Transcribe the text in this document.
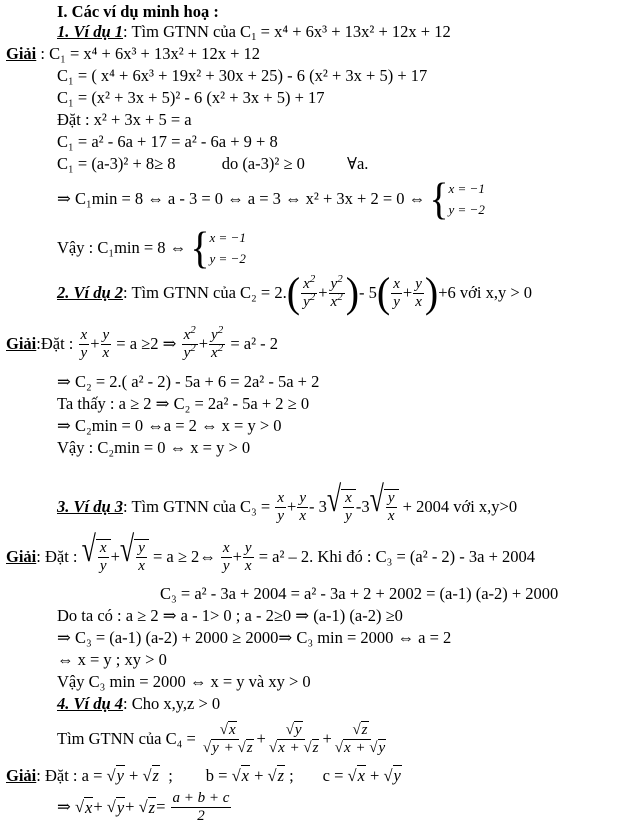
I. Các ví dụ minh hoạ :
1. Ví dụ 1: Tìm GTNN của $C_1 = x^4 + 6x^3 + 13x^2 + 12x + 12$
Giải : C₁ = x⁴ + 6x³ + 13x² + 12x + 12
C₁ = ( x⁴ + 6x³ + 19x² + 30x + 25) - 6 (x² + 3x + 5) + 17
C₁ = (x² + 3x + 5)² - 6 (x² + 3x + 5) + 17
Đặt : x² + 3x + 5 = a
C₁ = a² - 6a + 17 = a² - 6a + 9 + 8
C₁ = (a-3)² + 8≥ 8	do (a-3)² ≥ 0	∀a.
⇒ C₁min = 8 ⇔ a - 3 = 0 ⇔ a = 3 ⇔ x² + 3x + 2 = 0 ⇔
{ x = −1
y = −2
Vậy : C₁min = 8 ⇔
{ x = −1
y = −2
2. Ví dụ 2 : Tìm GTNN của C₂ = 2. ( $x^2$
$y^2 + y^2$
$x^2$ ) - 5 ( x
y + y
x ) +6 với x,y > 0
Giải :Đặt :
x
$y + \frac{y}{x}$
= a ≥2 ⇒
$x^2$
$y^2 + \frac{y^2}{x^2}$
= a² - 2
⇒ C₂ = 2.( a² - 2) - 5a + 6 = 2a² - 5a + 2
Ta thấy : a ≥ 2 ⇒ C₂ = 2a² - 5a + 2 ≥ 0
⇒ C₂min = 0 ⇔a = 2 ⇔ x = y > 0
Vậy : C₂min = 0 ⇔ x = y > 0
3. Ví dụ 3 : Tìm GTNN của C₃ =
$\frac{x}{y} + y$
x - 3 √ x
y -3 √ y
x
+ 2004 với x,y>0
Giải : Đặt :
√ x
y + √ y
x
= a ≥ 2⇔
x
$y + \frac{y}{x}$
= a² – 2. Khi đó : C₃ = (a² - 2) - 3a + 2004
C₃ = a² - 3a + 2004 = a² - 3a + 2 + 2002 = (a-1) (a-2) + 2000
Do ta có : a ≥ 2 ⇒ a - 1> 0 ; a - 2≥0 ⇒ (a-1) (a-2) ≥0
⇒ C₃ = (a-1) (a-2) + 2000 ≥ 2000⇒ C₃ min = 2000 ⇔ a = 2
⇔ x = y ; xy > 0
Vậy C₃ min = 2000 ⇔ x = y và xy > 0
4. Ví dụ 4: Cho x,y,z > 0
Tìm GTNN của C₄ =
$\frac{√x}{√y + √z} + √y$
√x + √z + √z
√x + √y
Giải: Đặt : a = √y + √z  ;        b = √x + √z ;       c = √x + √y
⇒ √ x + √ y + √ z = a + b + c
2
